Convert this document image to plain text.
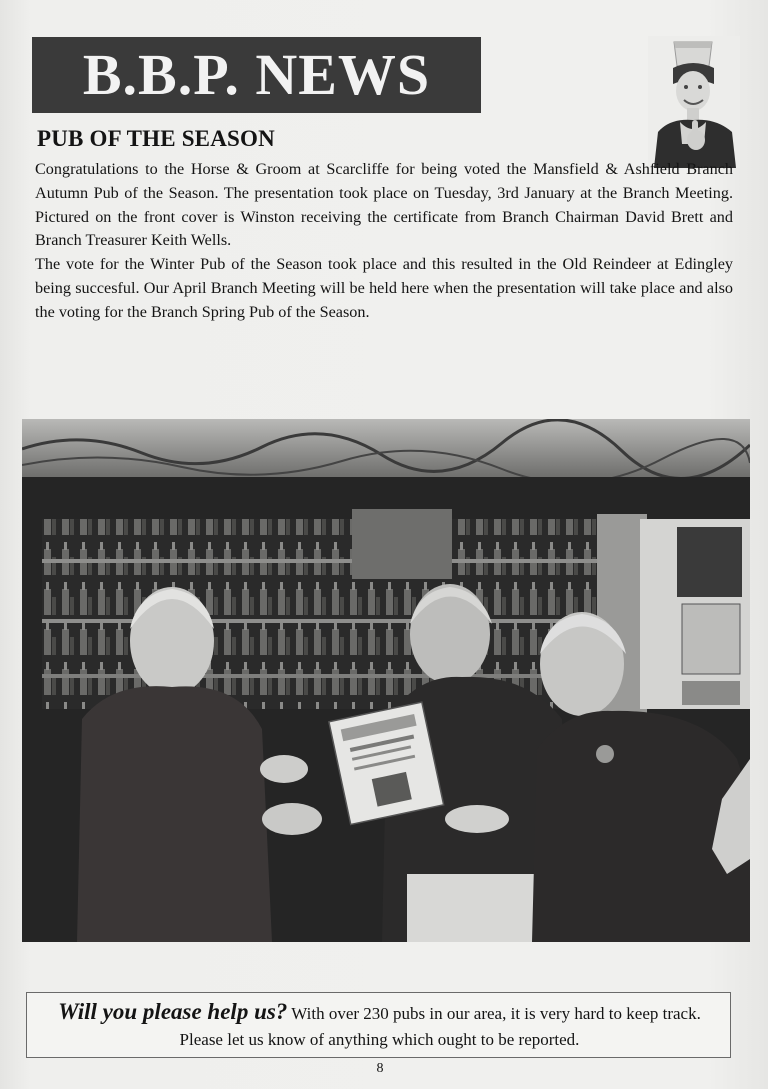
B.B.P. NEWS
PUB OF THE SEASON

Congratulations to the Horse & Groom at Scarcliffe for being voted the Mansfield & Ashfield Branch Autumn Pub of the Season. The presentation took place on Tuesday, 3rd January at the Branch Meeting. Pictured on the front cover is Winston receiving the certificate from Branch Chairman David Brett and Branch Treasurer Keith Wells.

The vote for the Winter Pub of the Season took place and this resulted in the Old Reindeer at Edingley being succesful. Our April Branch Meeting will be held here when the presentation will take place and also the voting for the Branch Spring Pub of the Season.

Will you please help us? With over 230 pubs in our area, it is very hard to keep track. Please let us know of anything which ought to be reported.
8
